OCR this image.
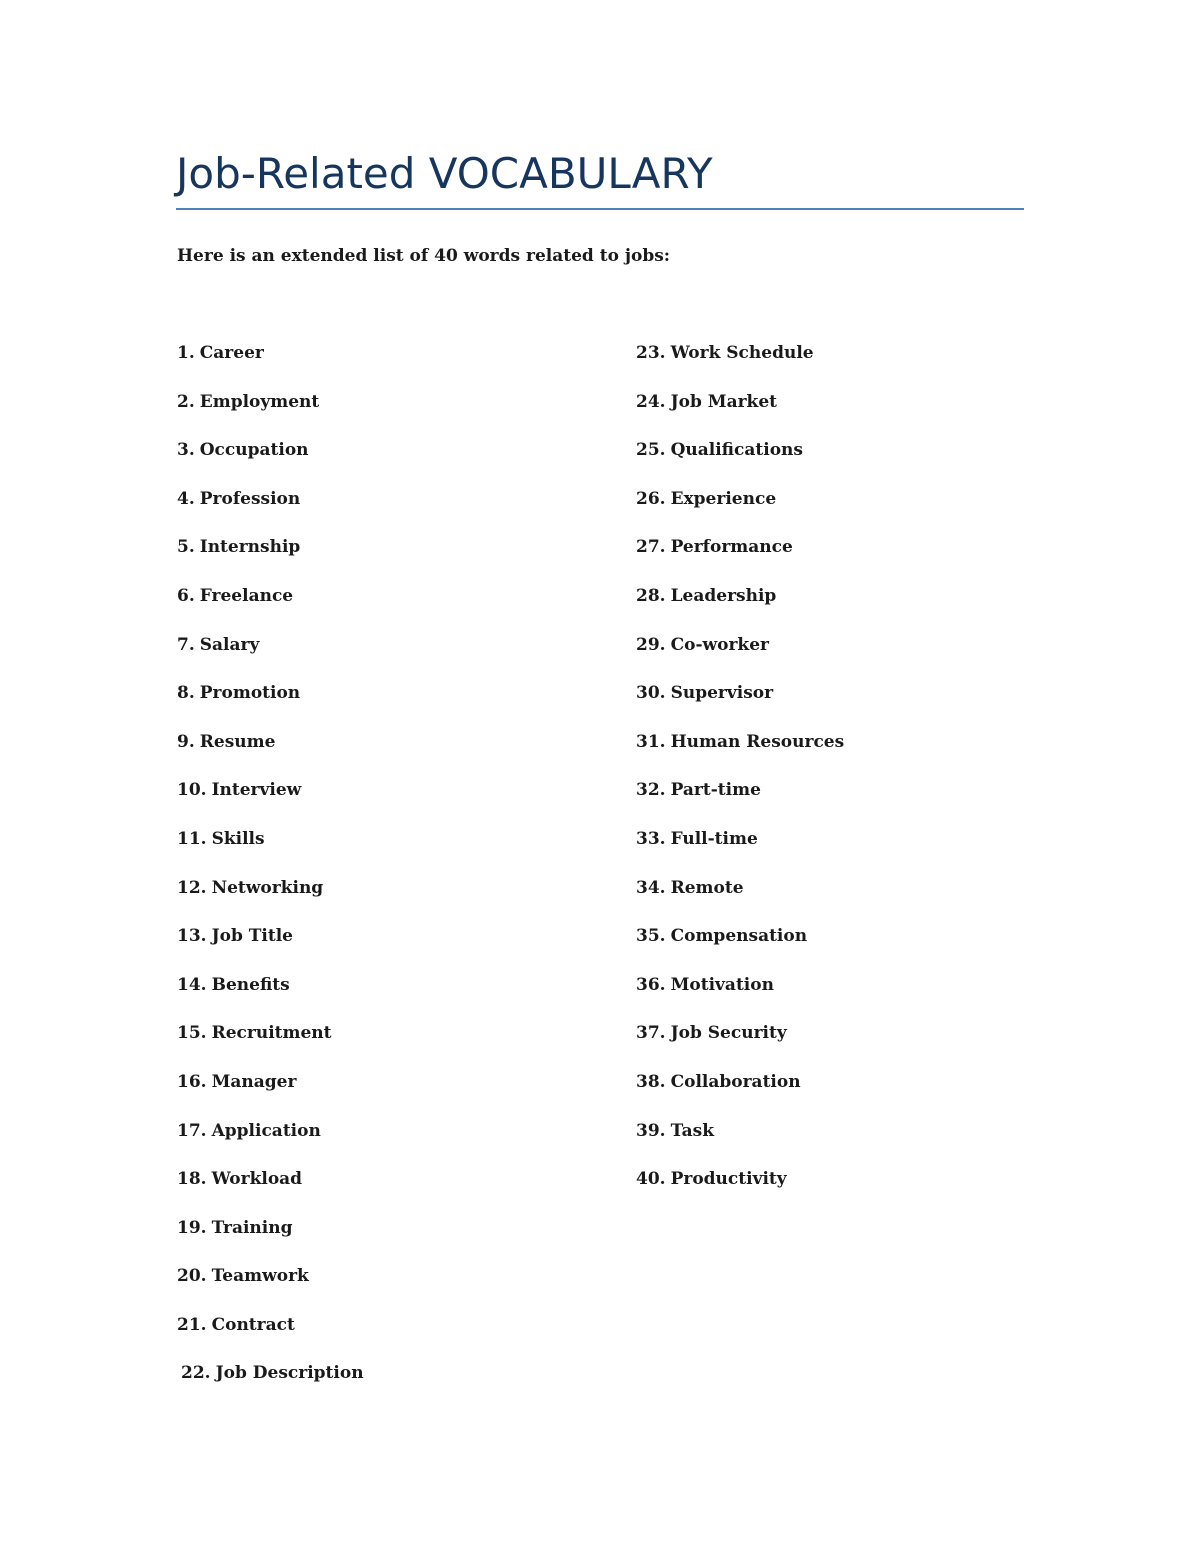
Job-Related VOCABULARY

Here is an extended list of 40 words related to jobs:

1. Career
2. Employment
3. Occupation
4. Profession
5. Internship
6. Freelance
7. Salary
8. Promotion
9. Resume
10. Interview
11. Skills
12. Networking
13. Job Title
14. Benefits
15. Recruitment
16. Manager
17. Application
18. Workload
19. Training
20. Teamwork
21. Contract
22. Job Description
23. Work Schedule
24. Job Market
25. Qualifications
26. Experience
27. Performance
28. Leadership
29. Co-worker
30. Supervisor
31. Human Resources
32. Part-time
33. Full-time
34. Remote
35. Compensation
36. Motivation
37. Job Security
38. Collaboration
39. Task
40. Productivity
